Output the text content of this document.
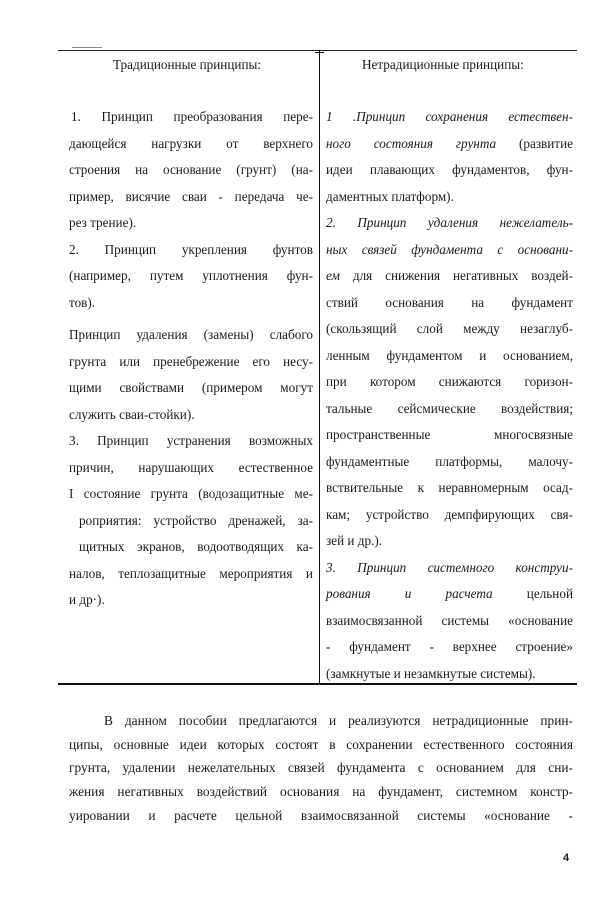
Традиционные принципы:	Нетрадиционные принципы:
1. Принцип преобразования пере-
дающейся нагрузки от верхнего
строения на основание (грунт) (на-
пример, висячие сваи - передача че-
рез трение).
2. Принцип укрепления фунтов
(например, путем уплотнения фун-
тов).
Принцип удаления (замены) слабого
грунта или пренебрежение его несу-
щими свойствами (примером могут
служить сваи-стойки).
3. Принцип устранения возможных
причин, нарушающих естественное
I состояние грунта (водозащитные ме-
роприятия: устройство дренажей, за-
щитных экранов, водоотводящих ка-
налов, теплозащитные мероприятия и
и др·).
1 .Принцип сохранения естествен-
ного состояния грунта (развитие
идеи плавающих фундаментов, фун-
даментных платформ).
2. Принцип удаления нежелатель-
ных связей фундамента с основани-
ем для снижения негативных воздей-
ствий основания на фундамент
(скользящий слой между незаглуб-
ленным фундаментом и основанием,
при котором снижаются горизон-
тальные сейсмические воздействия;
пространственные многосвязные
фундаментные платформы, малочу-
вствительные к неравномерным осад-
кам; устройство демпфирующих свя-
зей и др.).
3. Принцип системного конструи-
рования и расчета цельной
взаимосвязанной системы «основание
- фундамент - верхнее строение»
(замкнутые и незамкнутые системы).
В данном пособии предлагаются и реализуются нетрадиционные прин-
ципы, основные идеи которых состоят в сохранении естественного состояния
грунта, удалении нежелательных связей фундамента с основанием для сни-
жения негативных воздействий основания на фундамент, системном констр-
уировании и расчете цельной взаимосвязанной системы «основание -
4
